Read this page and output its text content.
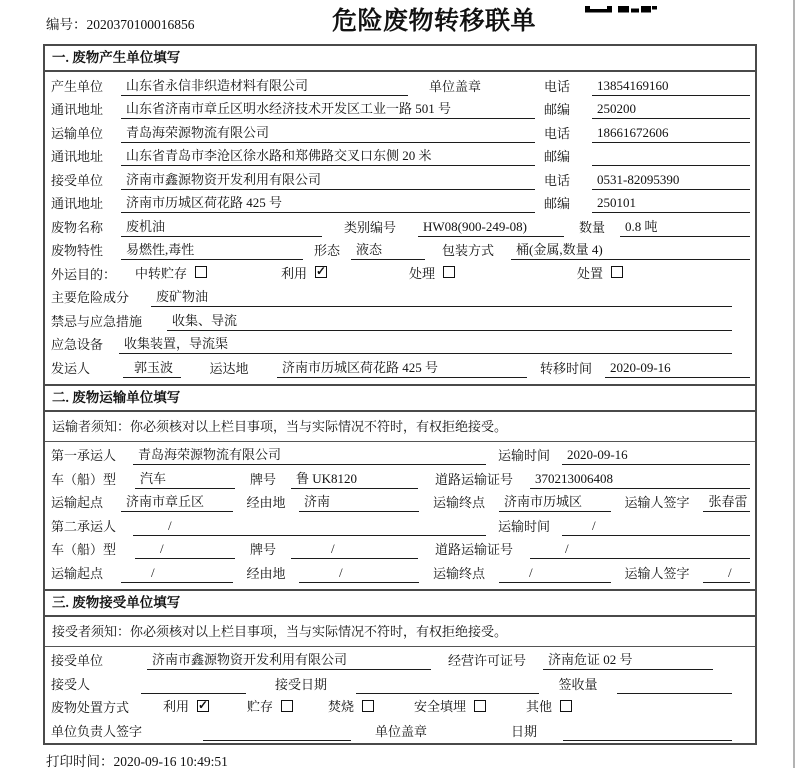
编号：2020370100016856	危险废物转移联单
一. 废物产生单位填写
产生单位	山东省永信非织造材料有限公司	单位盖章	电话	13854169160
通讯地址	山东省济南市章丘区明水经济技术开发区工业一路 501 号	邮编	250200
运输单位	青岛海荣源物流有限公司	电话	18661672606
通讯地址	山东省青岛市李沧区徐水路和郑佛路交叉口东侧 20 米	邮编
接受单位	济南市鑫源物资开发利用有限公司	电话	0531-82095390
通讯地址	济南市历城区荷花路 425 号	邮编	250101
废物名称	废机油	类别编号	HW08(900-249-08)	数量	0.8 吨
废物特性	易燃性,毒性	形态	液态	包装方式	桶(金属,数量 4)
外运目的：	中转贮存	利用 ✓	处理	处置
主要危险成分	废矿物油
禁忌与应急措施	收集、导流
应急设备	收集装置，导流渠
发运人	郭玉波	运达地	济南市历城区荷花路 425 号	转移时间	2020-09-16
二. 废物运输单位填写
运输者须知：你必须核对以上栏目事项，当与实际情况不符时，有权拒绝接受。
第一承运人	青岛海荣源物流有限公司	运输时间	2020-09-16
车（船）型	汽车	牌号	鲁 UK8120	道路运输证号	370213006408
运输起点	济南市章丘区	经由地	济南	运输终点	济南市历城区	运输人签字	张春雷
第二承运人	/	运输时间	/
车（船）型	/	牌号	/	道路运输证号	/
运输起点	/	经由地	/	运输终点	/	运输人签字	/
三. 废物接受单位填写
接受者须知：你必须核对以上栏目事项，当与实际情况不符时，有权拒绝接受。
接受单位	济南市鑫源物资开发利用有限公司	经营许可证号	济南危证 02 号
接受人	接受日期	签收量
废物处置方式	利用 ✓	贮存	焚烧	安全填埋	其他
单位负责人签字	单位盖章	日期
打印时间：2020-09-16 10:49:51
